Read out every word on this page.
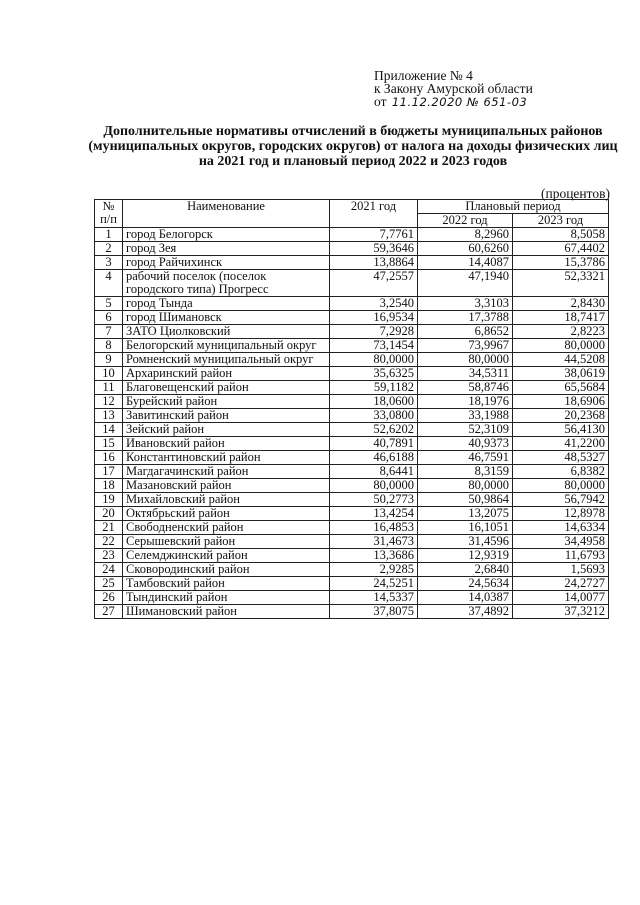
Приложение № 4
к Закону Амурской области
от 11.12.2020 № 651-03
Дополнительные нормативы отчислений в бюджеты муниципальных районов (муниципальных округов, городских округов) от налога на доходы физических лиц на 2021 год и плановый период 2022 и 2023 годов
(процентов)
№ п/п	Наименование	2021 год	Плановый период	
			2022 год	2023 год
1	город Белогорск	7,7761	8,2960	8,5058
2	город Зея	59,3646	60,6260	67,4402
3	город Райчихинск	13,8864	14,4087	15,3786
4	рабочий поселок (поселок городского типа) Прогресс	47,2557	47,1940	52,3321
5	город Тында	3,2540	3,3103	2,8430
6	город Шимановск	16,9534	17,3788	18,7417
7	ЗАТО Циолковский	7,2928	6,8652	2,8223
8	Белогорский муниципальный округ	73,1454	73,9967	80,0000
9	Ромненский муниципальный округ	80,0000	80,0000	44,5208
10	Архаринский район	35,6325	34,5311	38,0619
11	Благовещенский район	59,1182	58,8746	65,5684
12	Бурейский район	18,0600	18,1976	18,6906
13	Завитинский район	33,0800	33,1988	20,2368
14	Зейский район	52,6202	52,3109	56,4130
15	Ивановский район	40,7891	40,9373	41,2200
16	Константиновский район	46,6188	46,7591	48,5327
17	Магдагачинский район	8,6441	8,3159	6,8382
18	Мазановский район	80,0000	80,0000	80,0000
19	Михайловский район	50,2773	50,9864	56,7942
20	Октябрьский район	13,4254	13,2075	12,8978
21	Свободненский район	16,4853	16,1051	14,6334
22	Серышевский район	31,4673	31,4596	34,4958
23	Селемджинский район	13,3686	12,9319	11,6793
24	Сковородинский район	2,9285	2,6840	1,5693
25	Тамбовский район	24,5251	24,5634	24,2727
26	Тындинский район	14,5337	14,0387	14,0077
27	Шимановский район	37,8075	37,4892	37,3212
